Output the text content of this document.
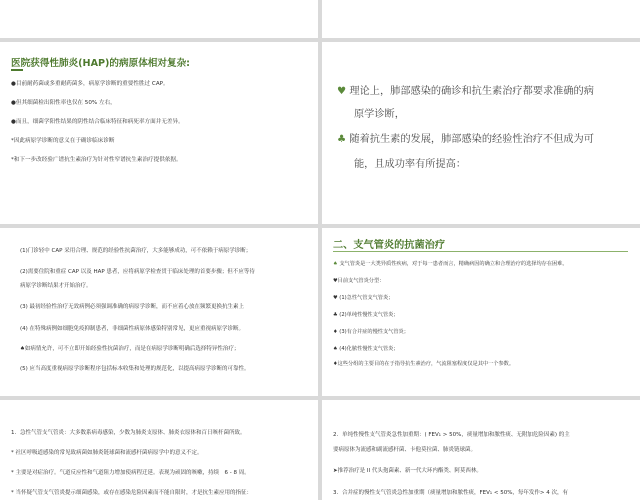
医院获得性肺炎(HAP)的病原体相对复杂:
●目前耐药菌或多重耐药菌多，病原学诊断的重要性胜过 CAP。
●但其细菌检出阳性率也仅在 50% 左右，
●而且，细菌学阳性结果的阴性结合临床特征和病死率方面并无差异。
*因此病原学诊断的意义在于确诊临床诊断
*和下一步改经验广谱抗生素治疗为针对性窄谱抗生素治疗提供依据。
♥ 理论上，肺部感染的确诊和抗生素治疗都要求准确的病
原学诊断，
♣ 随着抗生素的发展，肺部感染的经验性治疗不但成为可
能，且成功率有所提高：
(1)门诊轻中 CAP 采用合理、规范的经验性抗菌治疗，大多能够成功，可不依赖于病原学诊断；
(2)需要住院和重症 CAP 以及 HAP 患者，应将病原学检查贯于临床处理的首要步骤；但不应等待
病原学诊断结果才开始治疗。
(3) 最初经验性治疗无效病例必须强调准确的病原学诊断，而不应着心放在频繁更换抗生素上
(4) 在特殊病例如细胞免疫抑制患者，非细菌性病原体感染特别常见，更应重视病原学诊断。
♠如病情允许，可不立即开始经验性抗菌治疗，而是在病原学诊断明确后选择特异性治疗；
(5) 应当高度重视病原学诊断程序包括标本收集和处理的规范化，以提高病原学诊断的可靠性。
二、支气管炎的抗菌治疗
♠ 支气管炎是一大类异质性疾病，对于每一患者而言，精确病因的确立和合理治疗的选择均存在困难。
♥目前支气管炎分型：
♥ (1)急性气管支气管炎；
♣ (2)单纯性慢性支气管炎；
♦ (3)有合并症的慢性支气管炎；
♠ (4)化脓性慢性支气管炎；
♦这些分组的主要目的在于指导抗生素治疗，气流阻塞程度仅是其中一个参数。
1．急性气管支气管炎：大多数系病毒感染，少数为肺炎支原体、肺炎衣原体和百日咳杆菌所致。
* 社区呼吸道感染的常见致病菌如肺炎链球菌和流感杆菌病原学中的意义不定。
* 主要是对症治疗。气道反应性和气道阻力增加使病程迁延。表现为顽固的咳嗽，持续　6 - 8 周。
* 当怀疑气管支气管炎提示细菌感染，或存在感染危险因素而不能自限时，才是抗生素应用的指征：
2．单纯性慢性支气管炎急性加重期：( FEV₁ > 50%，痰量增加和脓性痰、无附加危险因素) 的主
要病原体为流感和副流感杆菌、卡他莫拉菌、肺炎链球菌。
➤推荐治疗是 II 代头孢菌素、新一代大环内酯类、阿莫西林。
3．合并症的慢性支气管炎急性加重期（痰量增加和脓性痰，FEV₁ < 50%，每年发作> 4 次，有
